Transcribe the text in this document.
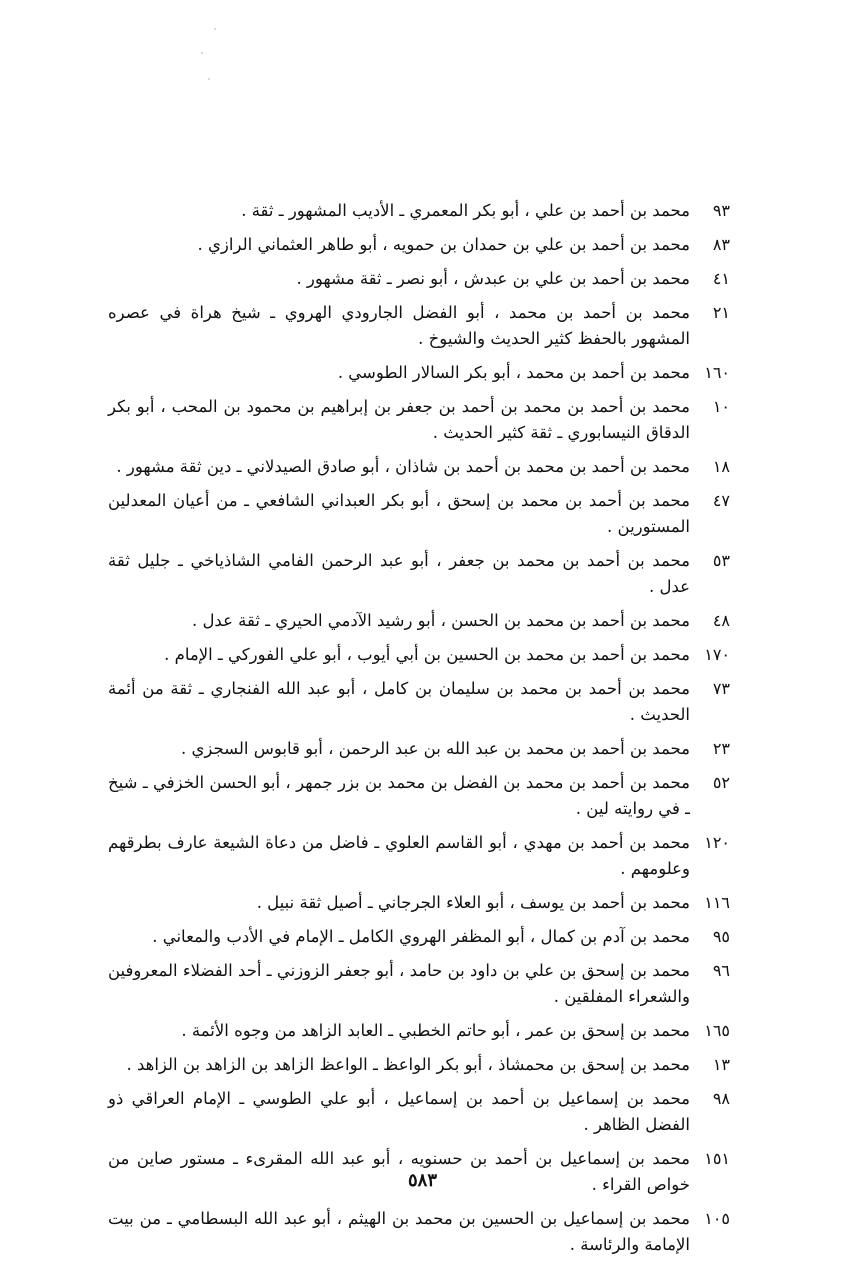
٩٣
محمد بن أحمد بن علي ، أبو بكر المعمري ـ الأديب المشهور ـ ثقة .
٨٣
محمد بن أحمد بن علي بن حمدان بن حمويه ، أبو طاهر العثماني الرازي .
٤١
محمد بن أحمد بن علي بن عبدش ، أبو نصر ـ ثقة مشهور .
٢١
محمد بن أحمد بن محمد ، أبو الفضل الجارودي الهروي ـ شيخ هراة في عصره المشهور بالحفظ كثير الحديث والشيوخ .
١٦٠
محمد بن أحمد بن محمد ، أبو بكر السالار الطوسي .
١٠
محمد بن أحمد بن محمد بن أحمد بن جعفر بن إبراهيم بن محمود بن المحب ، أبو بكر الدقاق النيسابوري ـ ثقة كثير الحديث .
١٨
محمد بن أحمد بن محمد بن أحمد بن شاذان ، أبو صادق الصيدلاني ـ دين ثقة مشهور .
٤٧
محمد بن أحمد بن محمد بن إسحق ، أبو بكر العبداني الشافعي ـ من أعيان المعدلين المستورين .
٥٣
محمد بن أحمد بن محمد بن جعفر ، أبو عبد الرحمن الفامي الشاذياخي ـ جليل ثقة عدل .
٤٨
محمد بن أحمد بن محمد بن الحسن ، أبو رشيد الآدمي الحيري ـ ثقة عدل .
١٧٠
محمد بن أحمد بن محمد بن الحسين بن أبي أيوب ، أبو علي الفوركي ـ الإمام .
٧٣
محمد بن أحمد بن محمد بن سليمان بن كامل ، أبو عبد الله الفنجاري ـ ثقة من أئمة الحديث .
٢٣
محمد بن أحمد بن محمد بن عبد الله بن عبد الرحمن ، أبو قابوس السجزي .
٥٢
محمد بن أحمد بن محمد بن الفضل بن محمد بن بزر جمهر ، أبو الحسن الخزفي ـ شيخ ـ في روايته لين .
١٢٠
محمد بن أحمد بن مهدي ، أبو القاسم العلوي ـ فاضل من دعاة الشيعة عارف بطرقهم وعلومهم .
١١٦
محمد بن أحمد بن يوسف ، أبو العلاء الجرجاني ـ أصيل ثقة نبيل .
٩٥
محمد بن آدم بن كمال ، أبو المظفر الهروي الكامل ـ الإمام في الأدب والمعاني .
٩٦
محمد بن إسحق بن علي بن داود بن حامد ، أبو جعفر الزوزني ـ أحد الفضلاء المعروفين والشعراء المفلقين .
١٦٥
محمد بن إسحق بن عمر ، أبو حاتم الخطبي ـ العابد الزاهد من وجوه الأئمة .
١٣
محمد بن إسحق بن محمشاذ ، أبو بكر الواعظ ـ الواعظ الزاهد بن الزاهد بن الزاهد .
٩٨
محمد بن إسماعيل بن أحمد بن إسماعيل ، أبو علي الطوسي ـ الإمام العراقي ذو الفضل الظاهر .
١٥١
محمد بن إسماعيل بن أحمد بن حسنويه ، أبو عبد الله المقرىء ـ مستور صاين من خواص القراء .
١٠٥
محمد بن إسماعيل بن الحسين بن محمد بن الهيثم ، أبو عبد الله البسطامي ـ من بيت الإمامة والرئاسة .
٥٨٣
